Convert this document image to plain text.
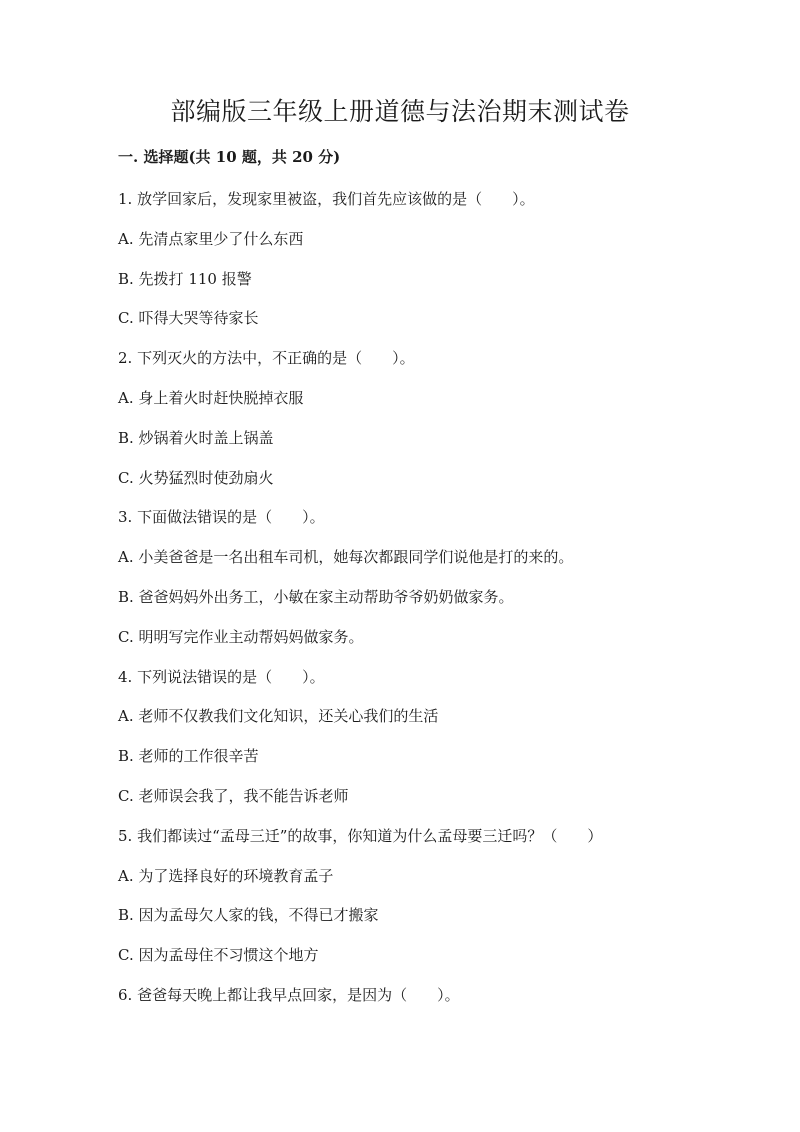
部编版三年级上册道德与法治期末测试卷
一. 选择题(共 10 题，共 20 分)
1. 放学回家后，发现家里被盗，我们首先应该做的是（　　）。
A. 先清点家里少了什么东西
B. 先拨打 110 报警
C. 吓得大哭等待家长
2. 下列灭火的方法中，不正确的是（　　）。
A. 身上着火时赶快脱掉衣服
B. 炒锅着火时盖上锅盖
C. 火势猛烈时使劲扇火
3. 下面做法错误的是（　　）。
A. 小美爸爸是一名出租车司机，她每次都跟同学们说他是打的来的。
B. 爸爸妈妈外出务工，小敏在家主动帮助爷爷奶奶做家务。
C. 明明写完作业主动帮妈妈做家务。
4. 下列说法错误的是（　　）。
A. 老师不仅教我们文化知识，还关心我们的生活
B. 老师的工作很辛苦
C. 老师误会我了，我不能告诉老师
5. 我们都读过“孟母三迁”的故事，你知道为什么孟母要三迁吗？（　　）
A. 为了选择良好的环境教育孟子
B. 因为孟母欠人家的钱，不得已才搬家
C. 因为孟母住不习惯这个地方
6. 爸爸每天晚上都让我早点回家，是因为（　　）。
